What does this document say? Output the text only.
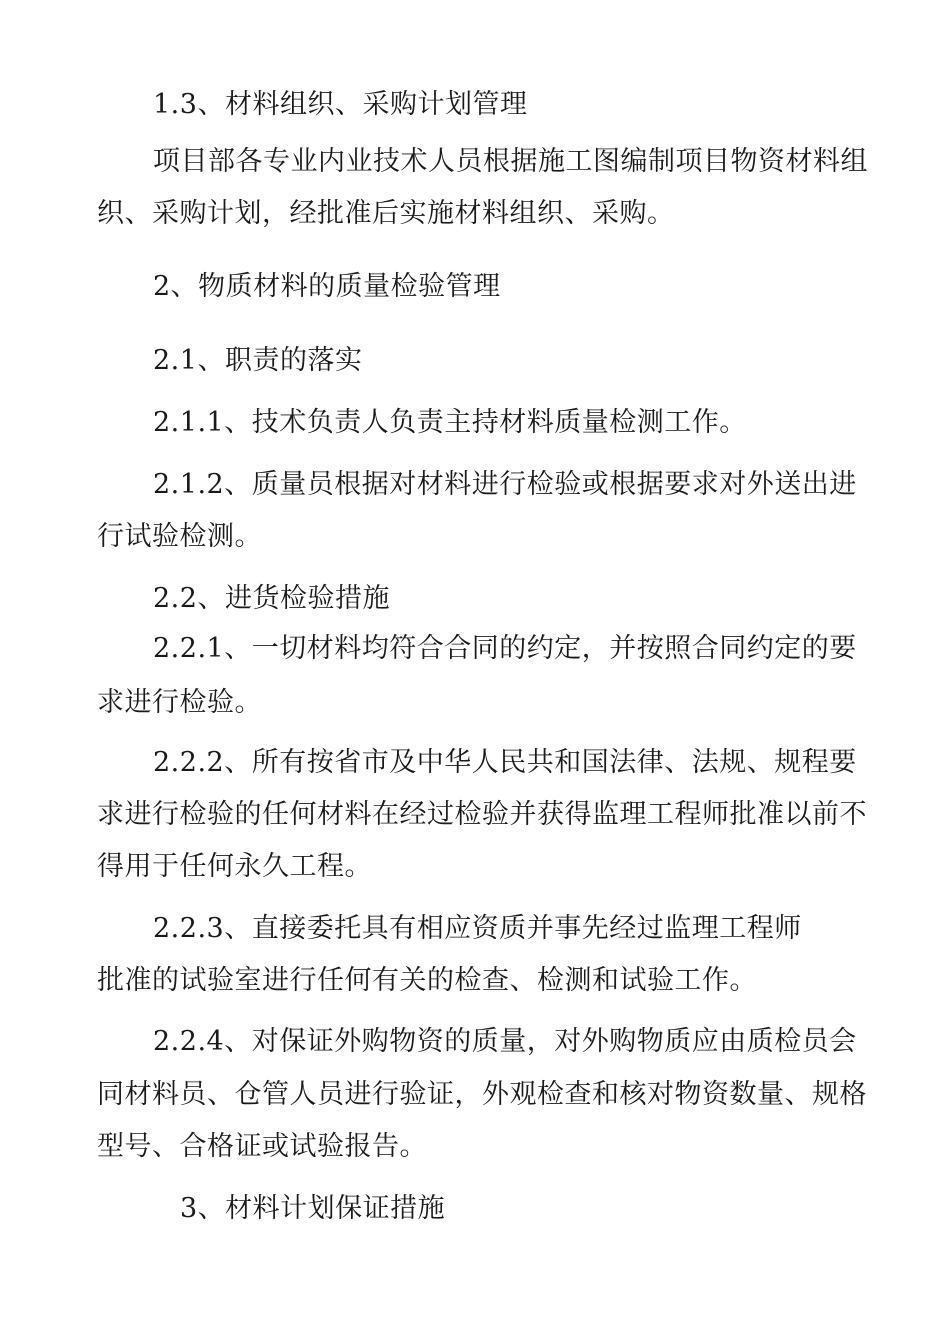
1.3、材料组织、采购计划管理
项目部各专业内业技术人员根据施工图编制项目物资材料组
织、采购计划，经批准后实施材料组织、采购。
2、物质材料的质量检验管理
2.1、职责的落实
2.1.1、技术负责人负责主持材料质量检测工作。
2.1.2、质量员根据对材料进行检验或根据要求对外送出进
行试验检测。
2.2、进货检验措施
2.2.1、一切材料均符合合同的约定，并按照合同约定的要
求进行检验。
2.2.2、所有按省市及中华人民共和国法律、法规、规程要
求进行检验的任何材料在经过检验并获得监理工程师批准以前不
得用于任何永久工程。
2.2.3、直接委托具有相应资质并事先经过监理工程师
批准的试验室进行任何有关的检查、检测和试验工作。
2.2.4、对保证外购物资的质量，对外购物质应由质检员会
同材料员、仓管人员进行验证，外观检查和核对物资数量、规格
型号、合格证或试验报告。
3、材料计划保证措施
